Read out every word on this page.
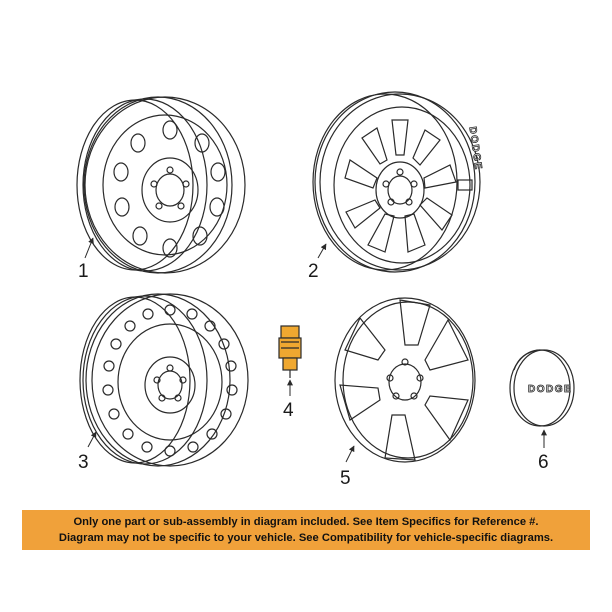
1	2
3
4
5
DODGE
6
DODGE
Only one part or sub-assembly in diagram included. See Item Specifics for Reference #.
Diagram may not be specific to your vehicle. See Compatibility for vehicle-specific diagrams.
